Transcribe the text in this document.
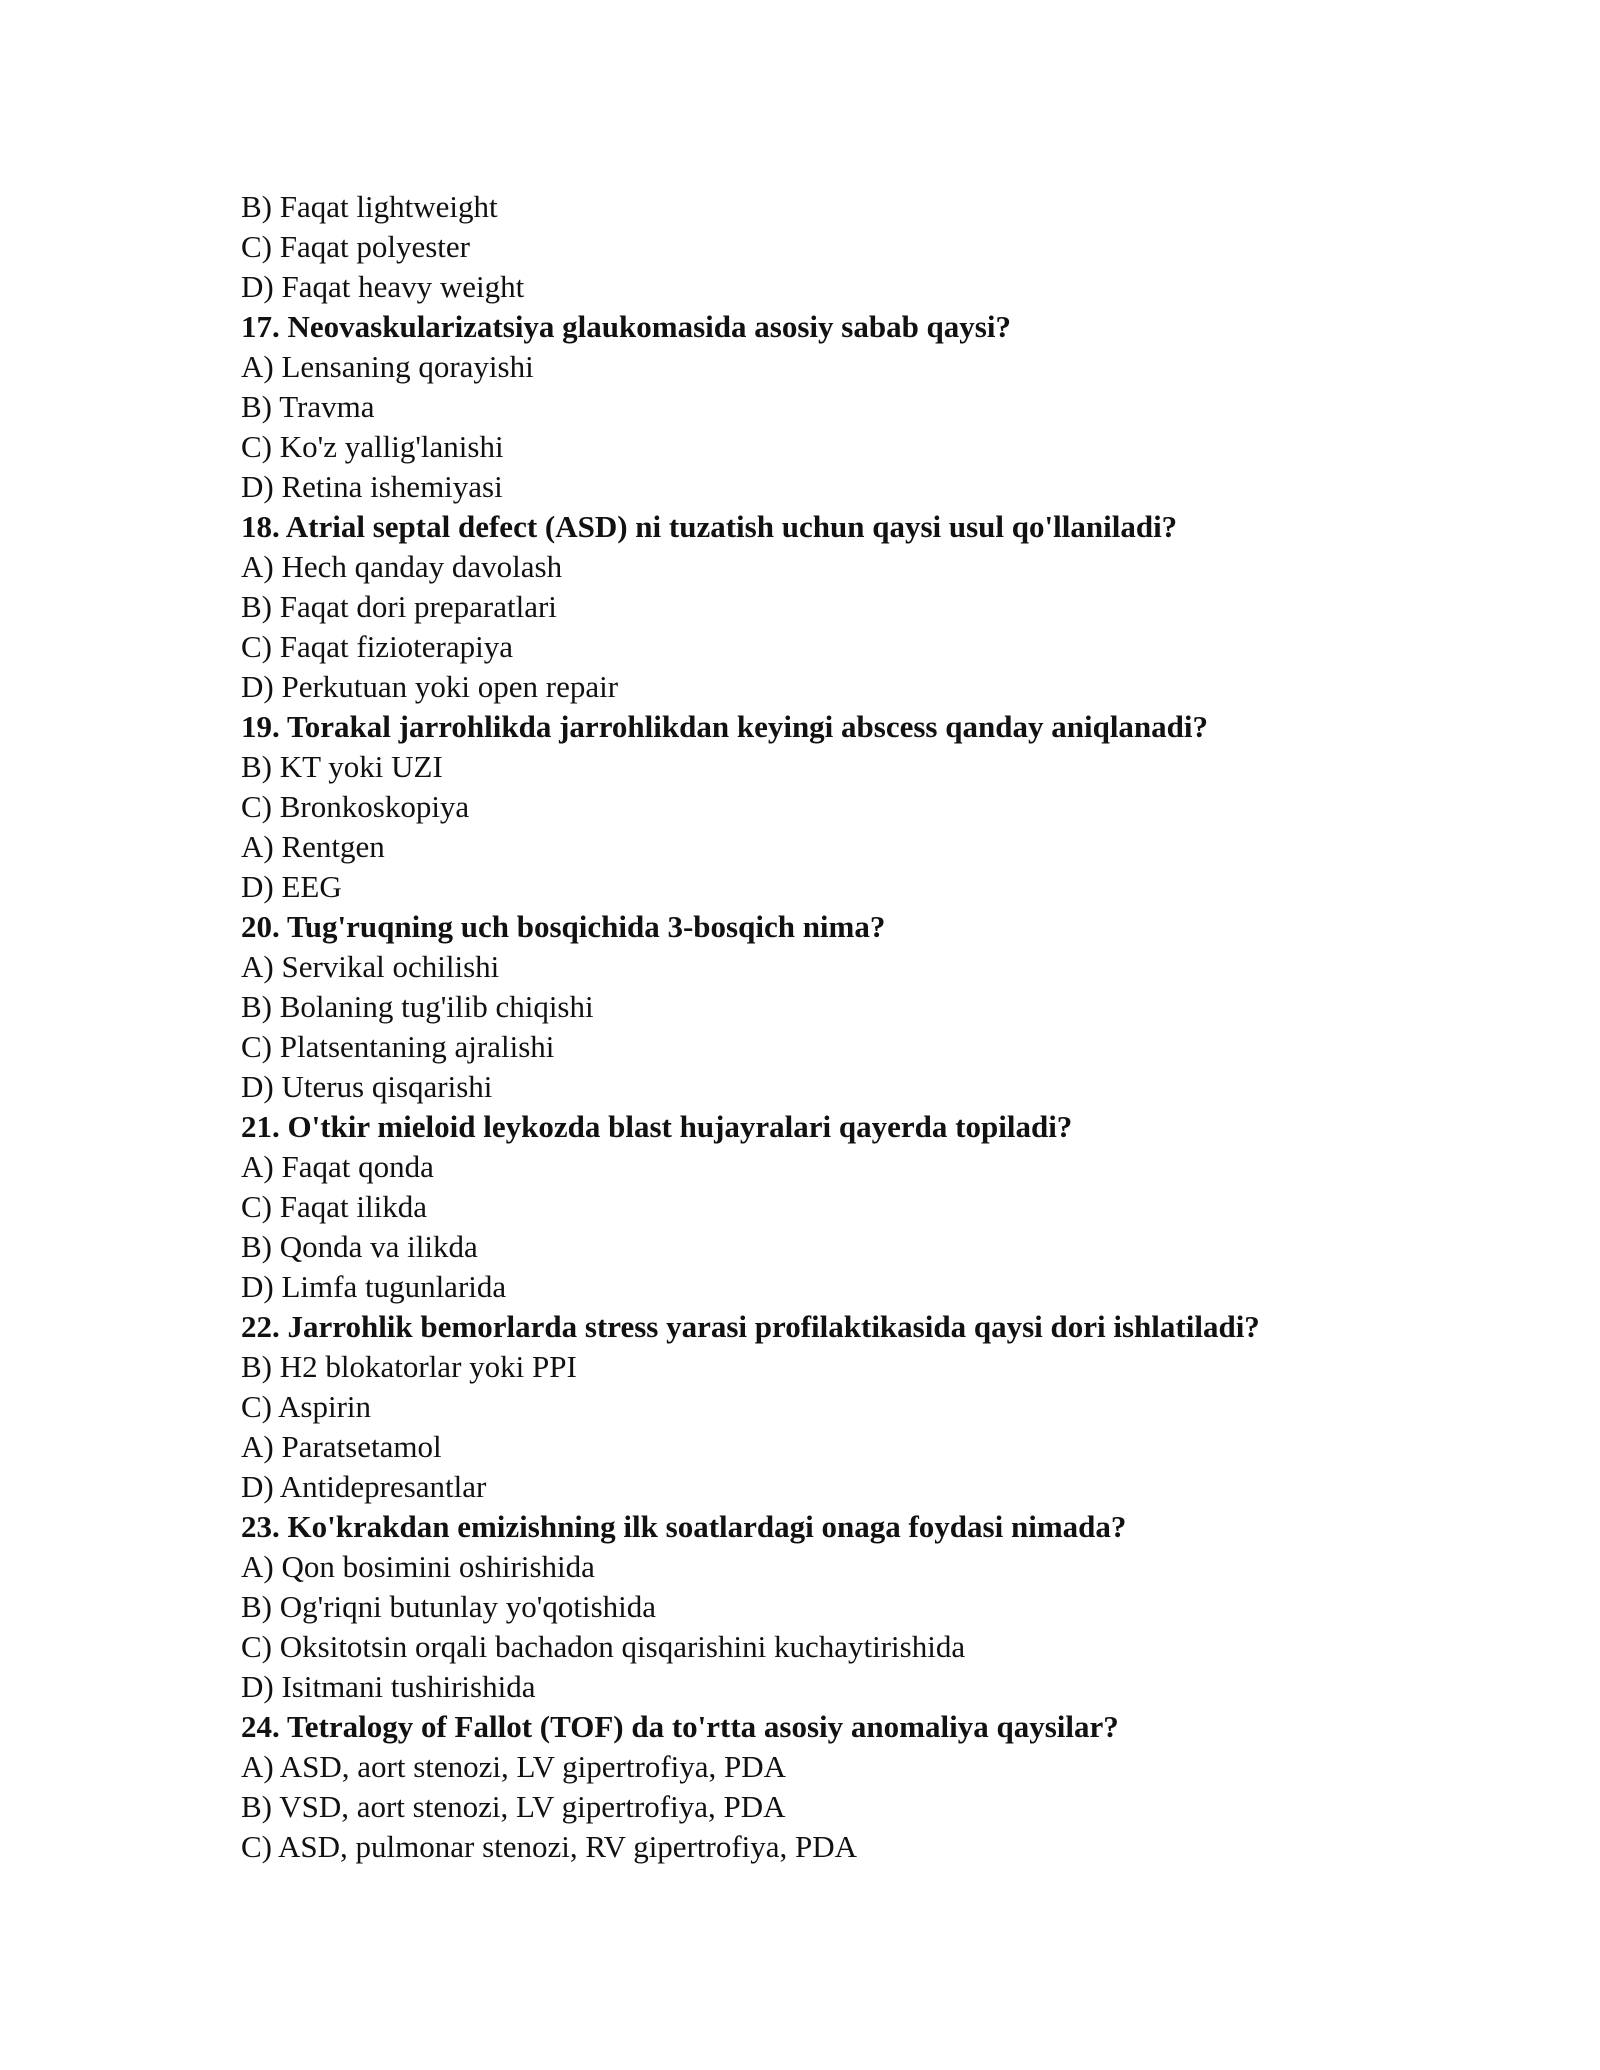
B) Faqat lightweight

C) Faqat polyester

D) Faqat heavy weight

17. Neovaskularizatsiya glaukomasida asosiy sabab qaysi?

A) Lensaning qorayishi

B) Travma

C) Ko'z yallig'lanishi

D) Retina ishemiyasi

18. Atrial septal defect (ASD) ni tuzatish uchun qaysi usul qo'llaniladi?

A) Hech qanday davolash

B) Faqat dori preparatlari

C) Faqat fizioterapiya

D) Perkutuan yoki open repair

19. Torakal jarrohlikda jarrohlikdan keyingi abscess qanday aniqlanadi?

B) KT yoki UZI

C) Bronkoskopiya

A) Rentgen

D) EEG

20. Tug'ruqning uch bosqichida 3-bosqich nima?

A) Servikal ochilishi

B) Bolaning tug'ilib chiqishi

C) Platsentaning ajralishi

D) Uterus qisqarishi

21. O'tkir mieloid leykozda blast hujayralari qayerda topiladi?

A) Faqat qonda

C) Faqat ilikda

B) Qonda va ilikda

D) Limfa tugunlarida

22. Jarrohlik bemorlarda stress yarasi profilaktikasida qaysi dori ishlatiladi?

B) H2 blokatorlar yoki PPI

C) Aspirin

A) Paratsetamol

D) Antidepresantlar

23. Ko'krakdan emizishning ilk soatlardagi onaga foydasi nimada?

A) Qon bosimini oshirishida

B) Og'riqni butunlay yo'qotishida

C) Oksitotsin orqali bachadon qisqarishini kuchaytirishida

D) Isitmani tushirishida

24. Tetralogy of Fallot (TOF) da to'rtta asosiy anomaliya qaysilar?

A) ASD, aort stenozi, LV gipertrofiya, PDA

B) VSD, aort stenozi, LV gipertrofiya, PDA

C) ASD, pulmonar stenozi, RV gipertrofiya, PDA
